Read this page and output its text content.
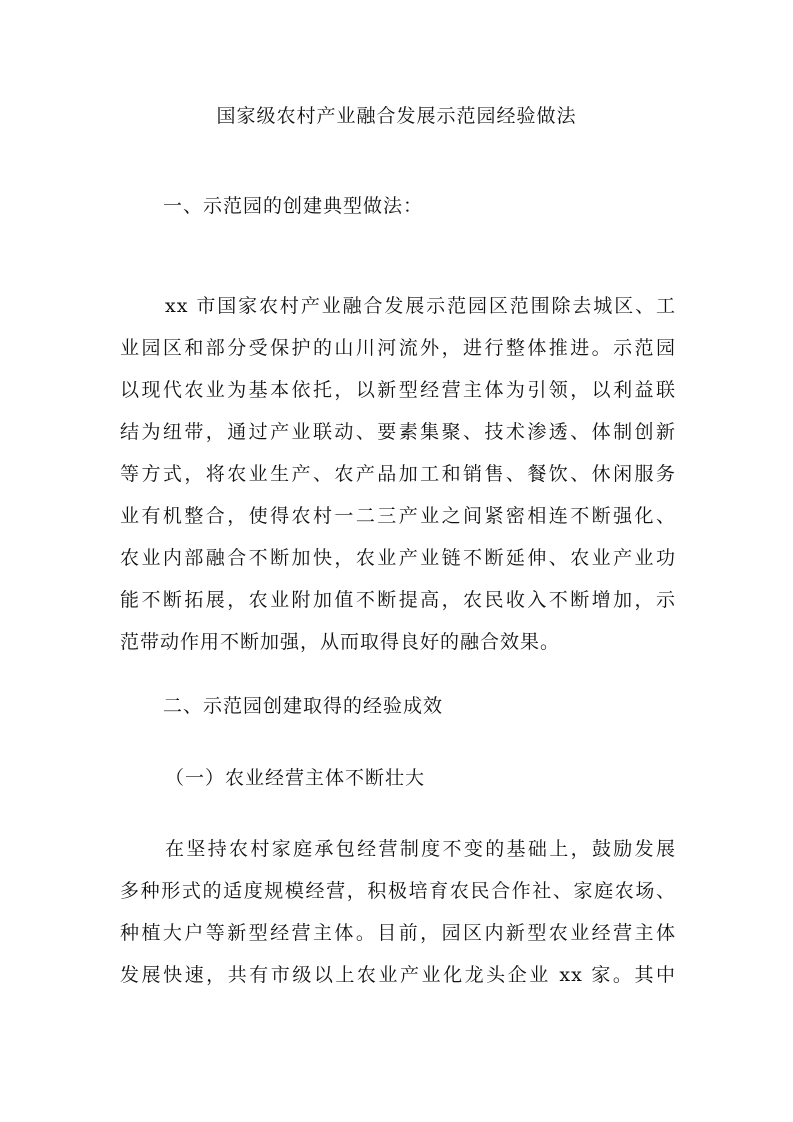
国家级农村产业融合发展示范园经验做法
一、示范园的创建典型做法：
xx 市国家农村产业融合发展示范园区范围除去城区、工
业园区和部分受保护的山川河流外，进行整体推进。示范园
以现代农业为基本依托，以新型经营主体为引领，以利益联
结为纽带，通过产业联动、要素集聚、技术渗透、体制创新
等方式，将农业生产、农产品加工和销售、餐饮、休闲服务
业有机整合，使得农村一二三产业之间紧密相连不断强化、
农业内部融合不断加快，农业产业链不断延伸、农业产业功
能不断拓展，农业附加值不断提高，农民收入不断增加，示
范带动作用不断加强，从而取得良好的融合效果。
二、示范园创建取得的经验成效
（一）农业经营主体不断壮大
在坚持农村家庭承包经营制度不变的基础上，鼓励发展
多种形式的适度规模经营，积极培育农民合作社、家庭农场、
种植大户等新型经营主体。目前，园区内新型农业经营主体
发展快速，共有市级以上农业产业化龙头企业 xx 家。其中
